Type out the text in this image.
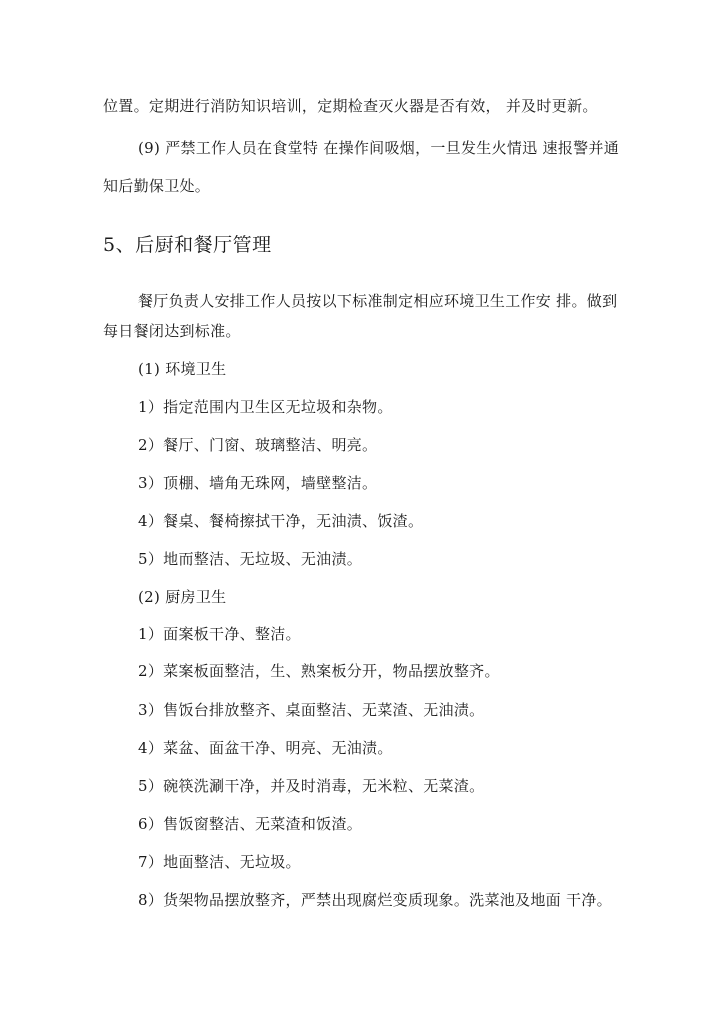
位置。定期进行消防知识培训，定期检查灭火器是否有效， 并及时更新。
(9) 严禁工作人员在食堂特 在操作间吸烟，一旦发生火情迅 速报警并通
知后勤保卫处。
5、后厨和餐厅管理
餐厅负责人安排工作人员按以下标准制定相应环境卫生工作安 排。做到
每日餐闭达到标准。
(1) 环境卫生
1）指定范围内卫生区无垃圾和杂物。
2）餐厅、门窗、玻璃整洁、明亮。
3）顶棚、墙角无珠网，墙壁整洁。
4）餐桌、餐椅擦拭干净，无油渍、饭渣。
5）地而整洁、无垃圾、无油渍。
(2) 厨房卫生
1）面案板干净、整洁。
2）菜案板面整洁，生、熟案板分开，物品摆放整齐。
3）售饭台排放整齐、桌面整洁、无菜渣、无油渍。
4）菜盆、面盆干净、明亮、无油渍。
5）碗筷洗涮干净，并及时消毒，无米粒、无菜渣。
6）售饭窗整洁、无菜渣和饭渣。
7）地面整洁、无垃圾。
8）货架物品摆放整齐，严禁出现腐烂变质现象。洗菜池及地面 干净。
